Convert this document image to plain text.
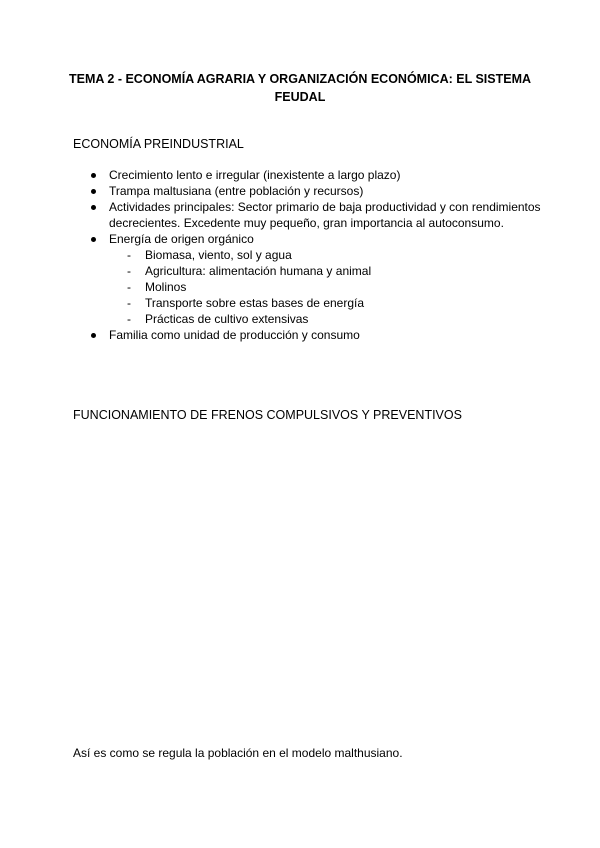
TEMA 2 - ECONOMÍA AGRARIA Y ORGANIZACIÓN ECONÓMICA: EL SISTEMA FEUDAL
ECONOMÍA PREINDUSTRIAL
Crecimiento lento e irregular (inexistente a largo plazo)
Trampa maltusiana (entre población y recursos)
Actividades principales: Sector primario de baja productividad y con rendimientos decrecientes. Excedente muy pequeño, gran importancia al autoconsumo.
Energía de origen orgánico
- Biomasa, viento, sol y agua
- Agricultura: alimentación humana y animal
- Molinos
- Transporte sobre estas bases de energía
- Prácticas de cultivo extensivas
Familia como unidad de producción y consumo
FUNCIONAMIENTO DE FRENOS COMPULSIVOS Y PREVENTIVOS
Así es como se regula la población en el modelo malthusiano.
